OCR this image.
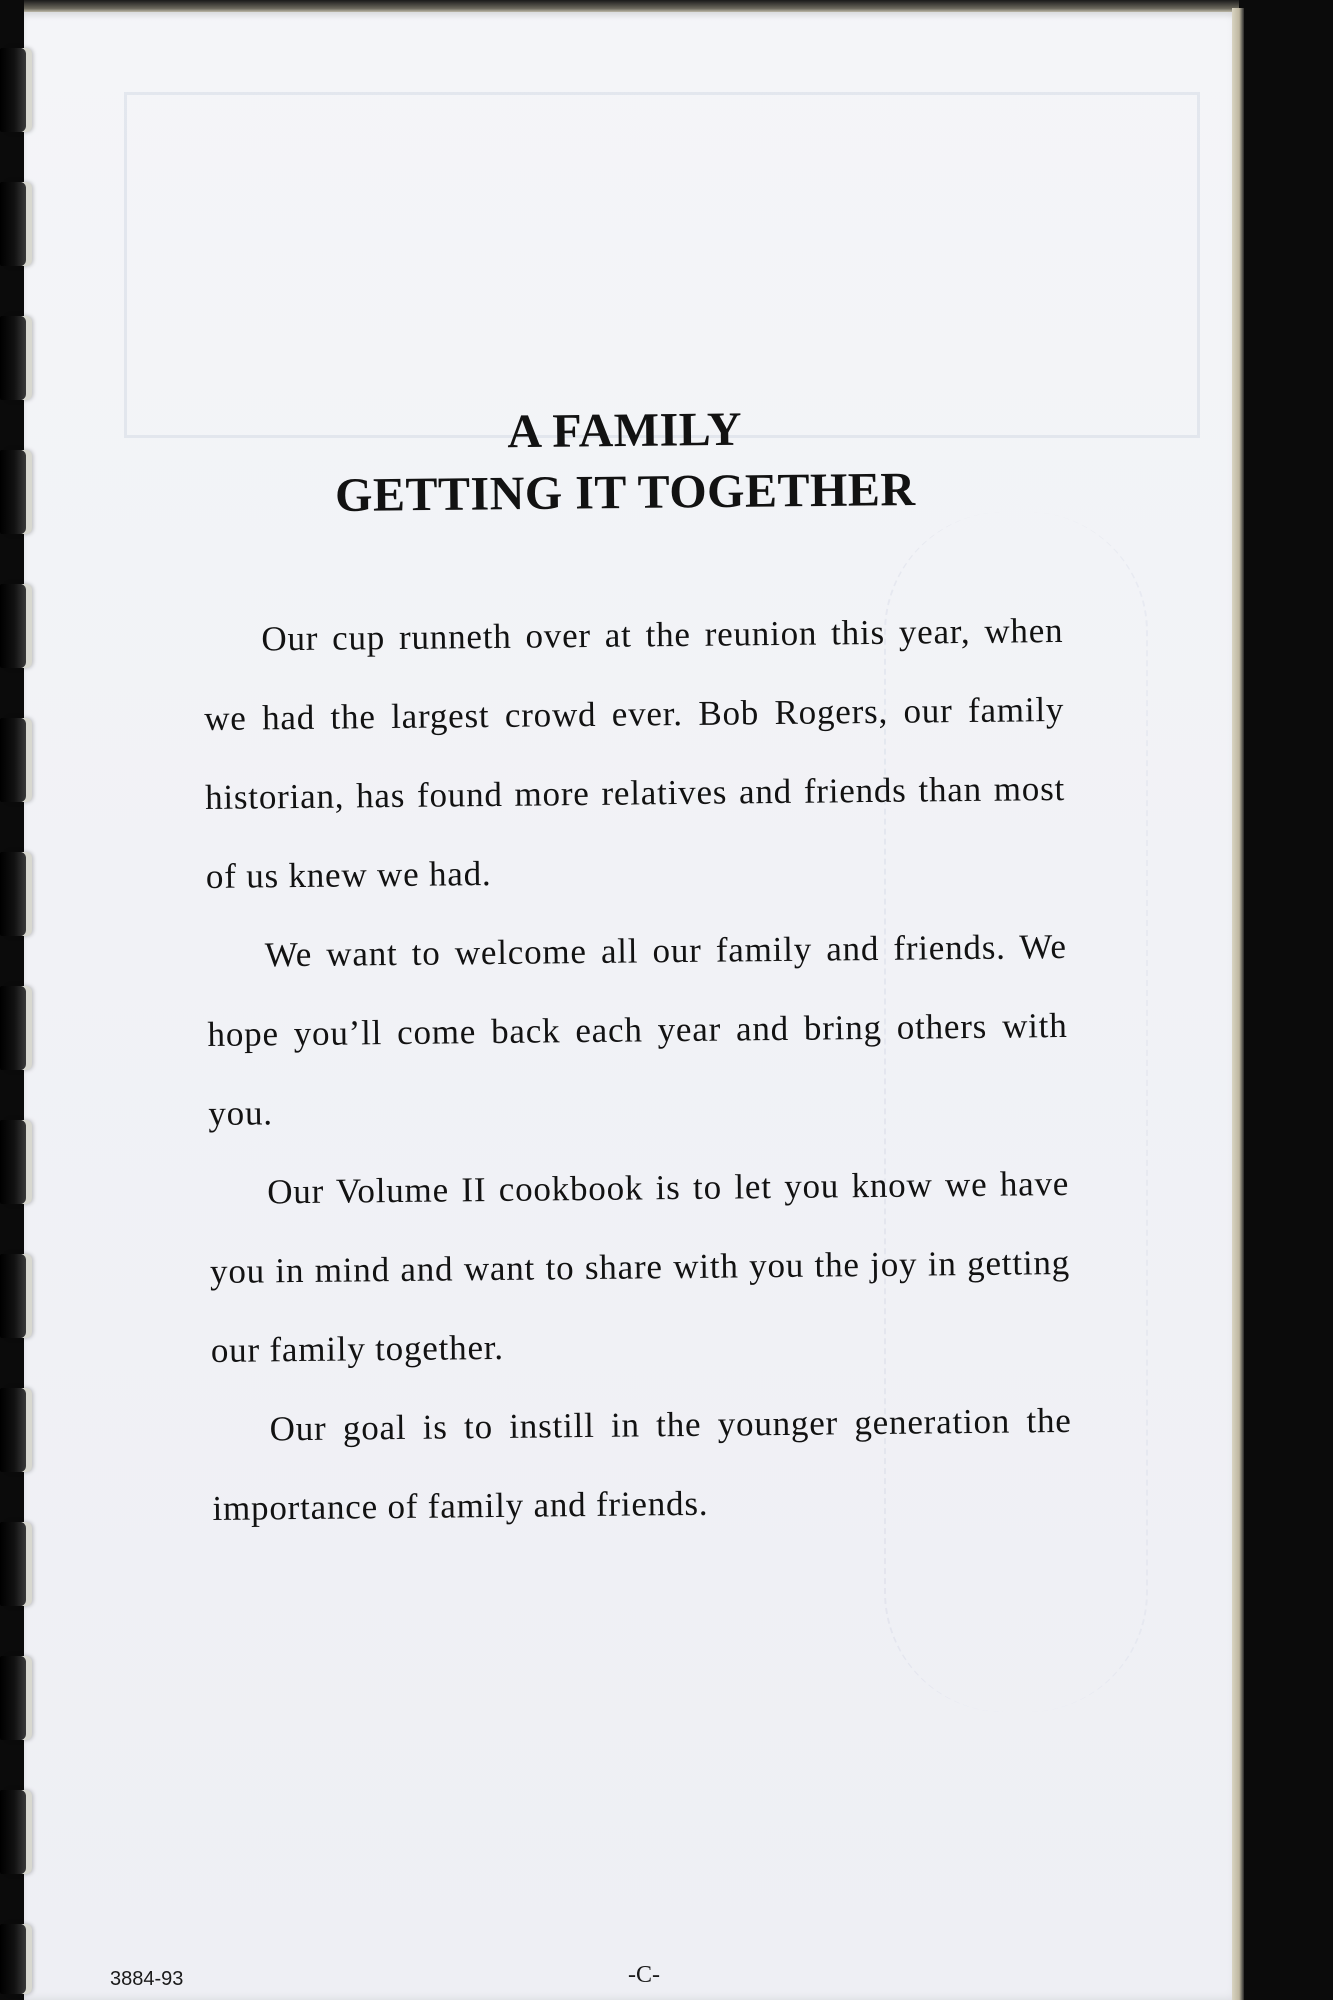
A FAMILY
GETTING IT TOGETHER

Our cup runneth over at the reunion this year, when we had the largest crowd ever. Bob Rogers, our family historian, has found more relatives and friends than most of us knew we had.

We want to welcome all our family and friends. We hope you’ll come back each year and bring others with you.

Our Volume II cookbook is to let you know we have you in mind and want to share with you the joy in getting our family together.

Our goal is to instill in the younger generation the importance of family and friends.

3884-93	-C-
